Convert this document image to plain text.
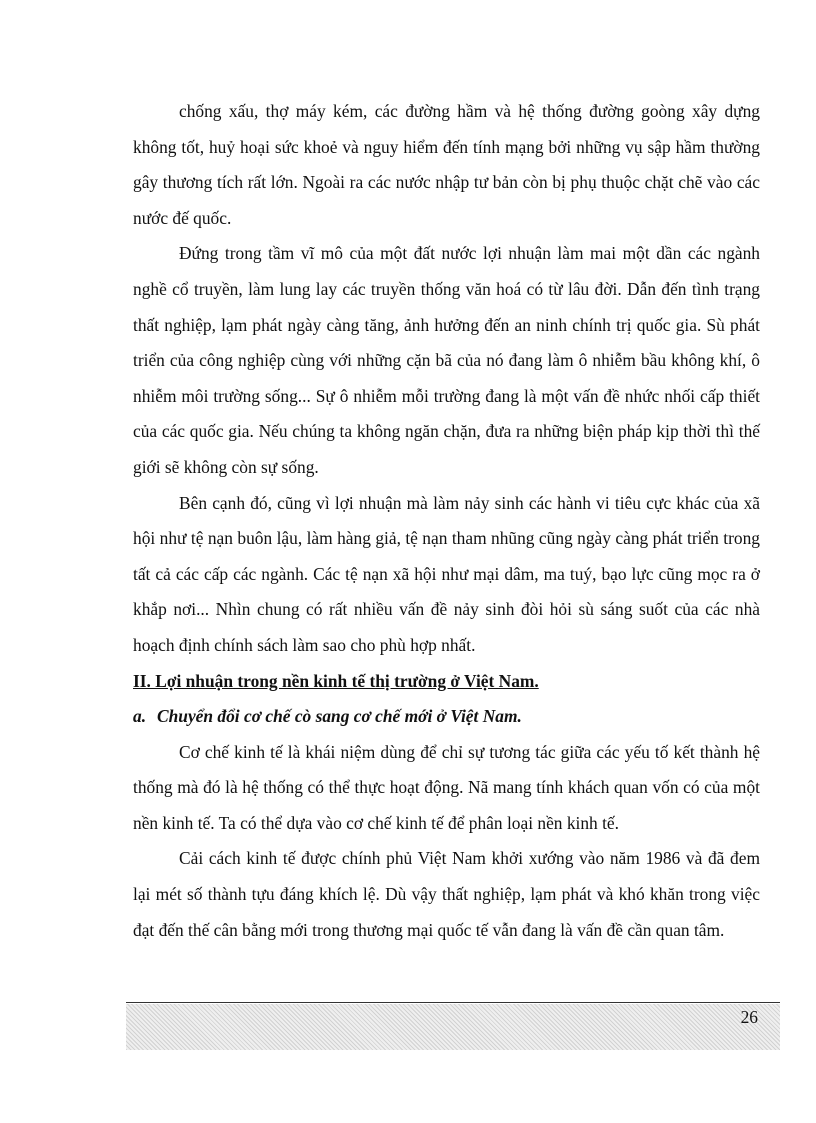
chống xấu, thợ máy kém, các đường hầm và hệ thống đường goòng xây dựng không tốt, huỷ hoại sức khoẻ và nguy hiểm đến tính mạng bởi những vụ sập hầm thường gây thương tích rất lớn. Ngoài ra các nước nhập tư bản còn bị phụ thuộc chặt chẽ vào các nước đế quốc.

Đứng trong tầm vĩ mô của một đất nước lợi nhuận làm mai một dần các ngành nghề cổ truyền, làm lung lay các truyền thống văn hoá có từ lâu đời. Dẫn đến tình trạng thất nghiệp, lạm phát ngày càng tăng, ảnh hưởng đến an ninh chính trị quốc gia. Sù phát triển của công nghiệp cùng với những cặn bã của nó đang làm ô nhiễm bầu không khí, ô nhiễm môi trường sống... Sự ô nhiễm mỗi trường đang là một vấn đề nhức nhối cấp thiết của các quốc gia. Nếu chúng ta không ngăn chặn, đưa ra những biện pháp kịp thời thì thế giới sẽ không còn sự sống.

Bên cạnh đó, cũng vì lợi nhuận mà làm nảy sinh các hành vi tiêu cực khác của xã hội như tệ nạn buôn lậu, làm hàng giả, tệ nạn tham nhũng cũng ngày càng phát triển trong tất cả các cấp các ngành. Các tệ nạn xã hội như mại dâm, ma tuý, bạo lực cũng mọc ra ở khắp nơi... Nhìn chung có rất nhiều vấn đề nảy sinh đòi hỏi sù sáng suốt của các nhà hoạch định chính sách làm sao cho phù hợp nhất.

II. Lợi nhuận trong nền kinh tế thị trường ở Việt Nam.

a. Chuyển đổi cơ chế cò sang cơ chế mới ở Việt Nam.

Cơ chế kinh tế là khái niệm dùng để chỉ sự tương tác giữa các yếu tố kết thành hệ thống mà đó là hệ thống có thể thực hoạt động. Nã mang tính khách quan vốn có của một nền kinh tế. Ta có thể dựa vào cơ chế kinh tế để phân loại nền kinh tế.

Cải cách kinh tế được chính phủ Việt Nam khởi xướng vào năm 1986 và đã đem lại mét số thành tựu đáng khích lệ. Dù vậy thất nghiệp, lạm phát và khó khăn trong việc đạt đến thế cân bằng mới trong thương mại quốc tế vẫn đang là vấn đề cần quan tâm.

26
